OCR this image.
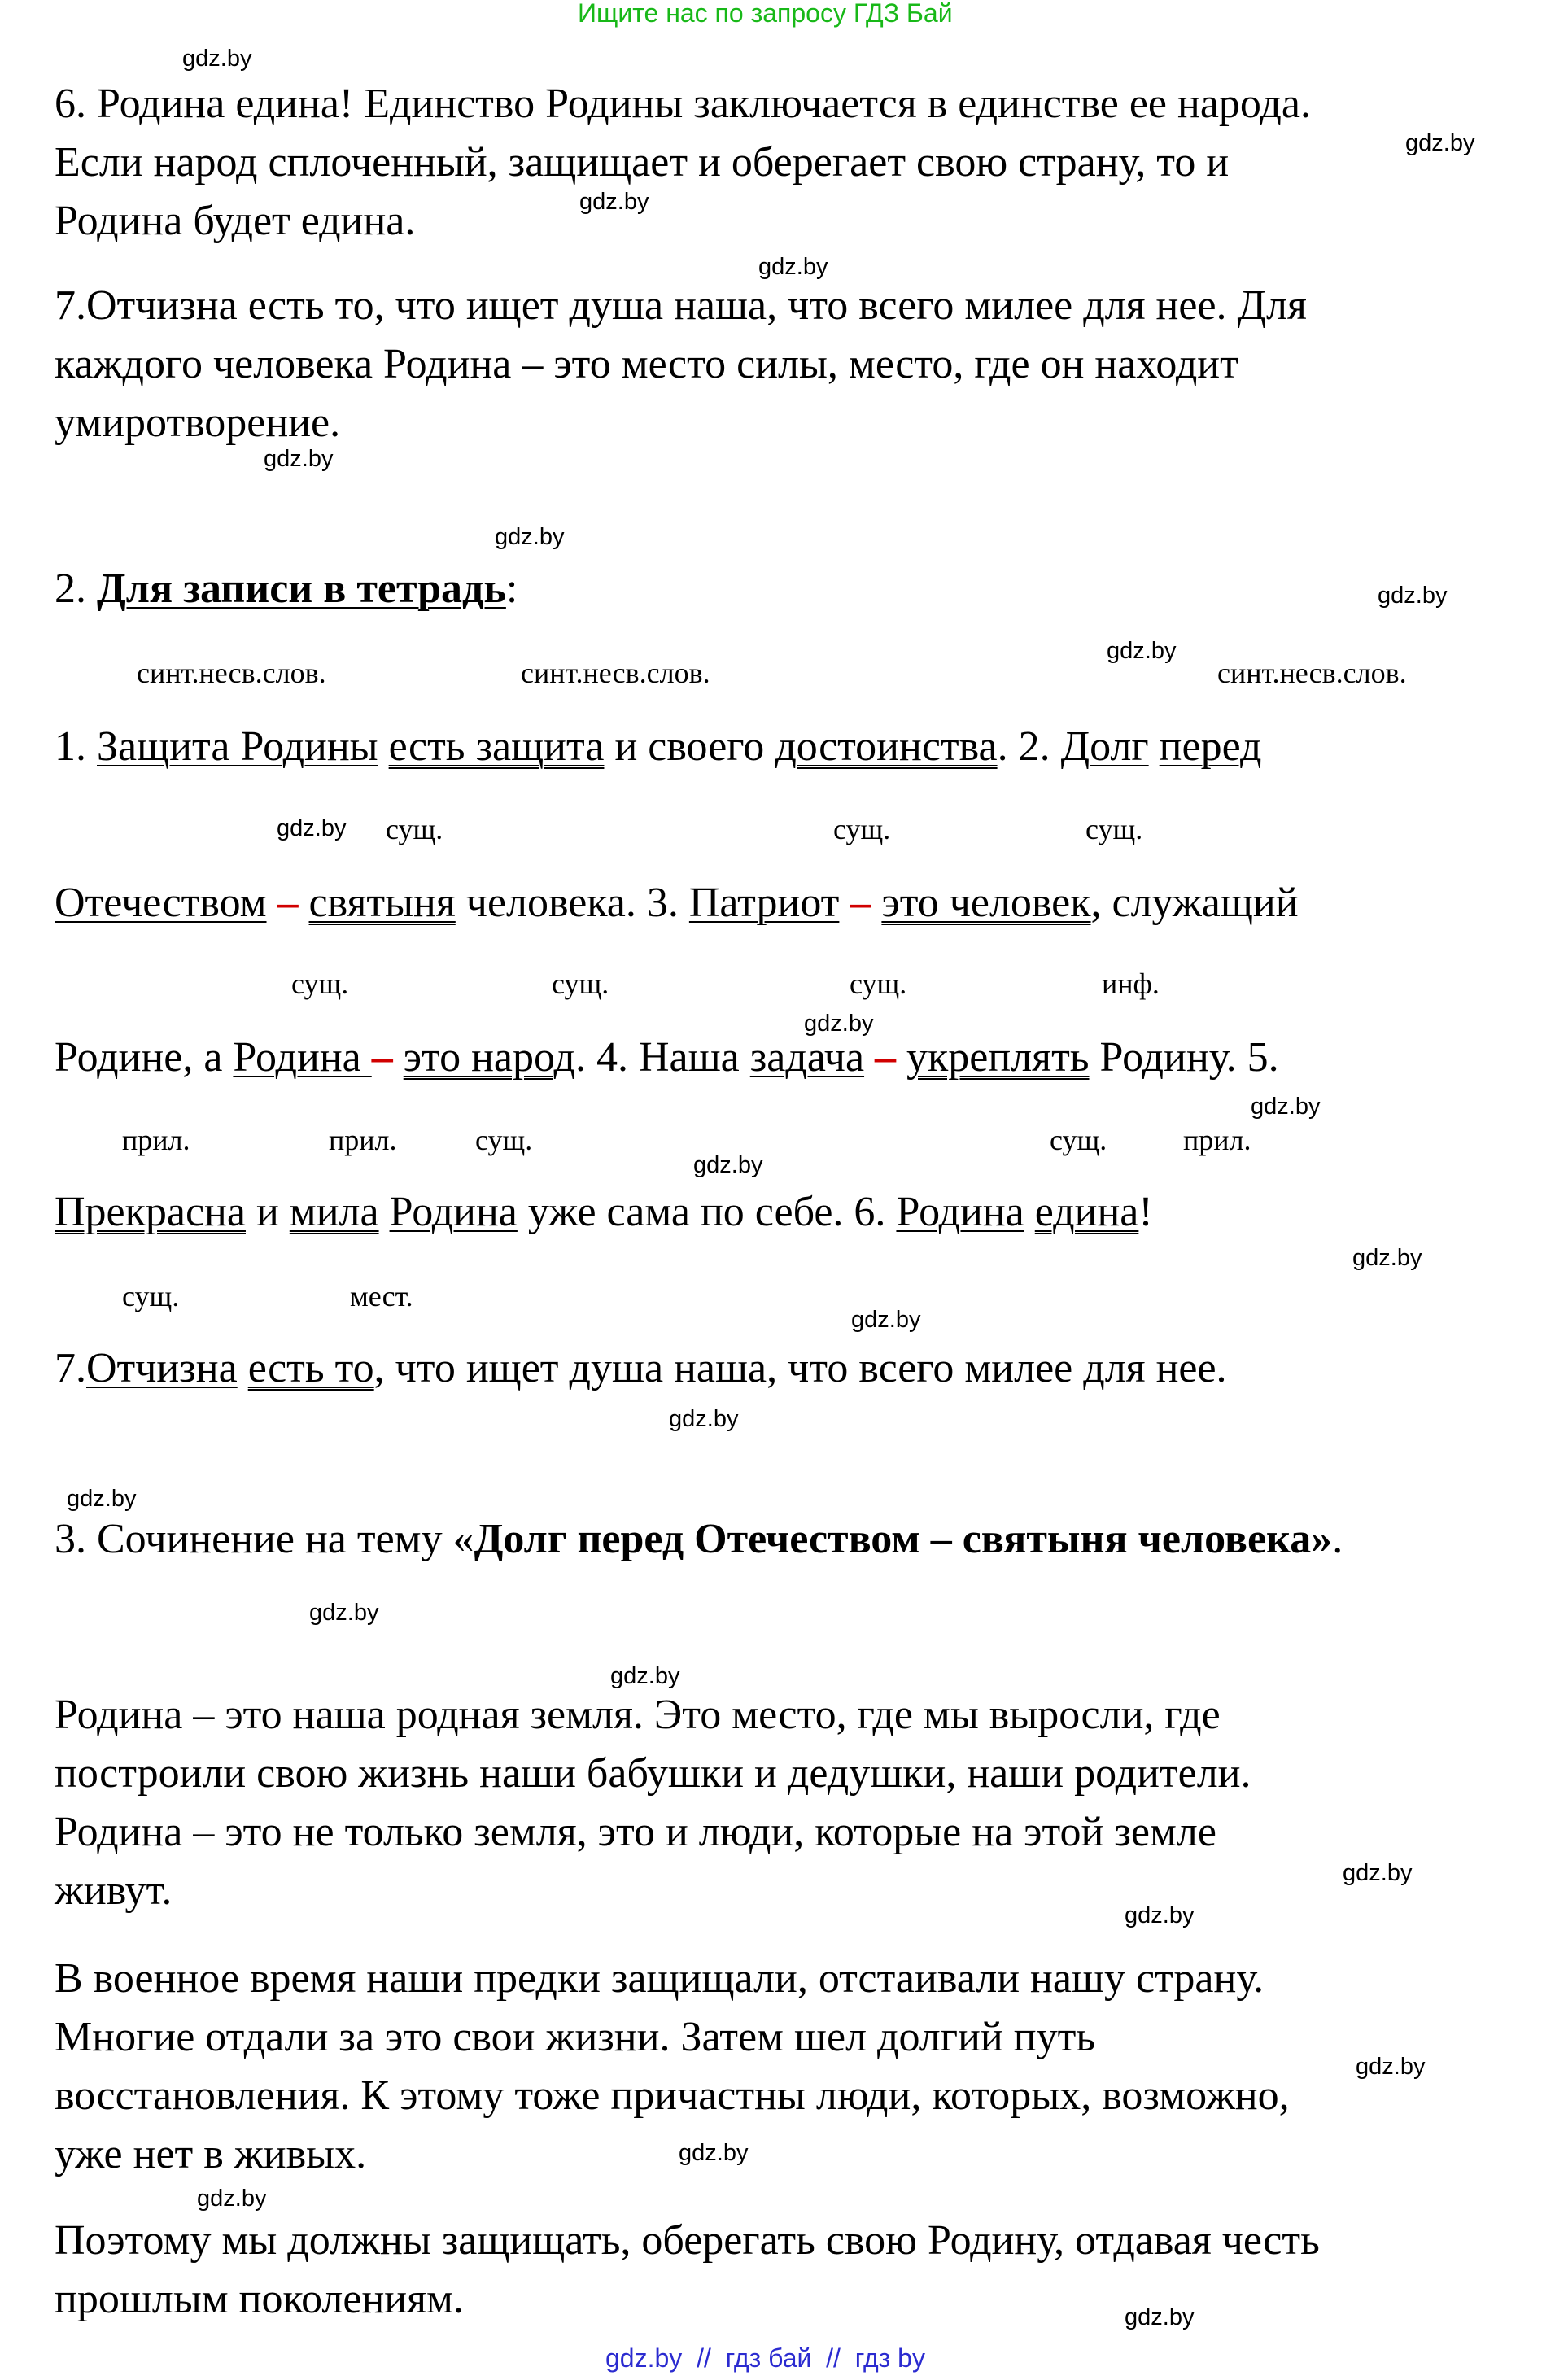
Ищите нас по запросу ГДЗ Бай
gdz.by
gdz.by
gdz.by
gdz.by
gdz.by
gdz.by
gdz.by
gdz.by
gdz.by
gdz.by
gdz.by
gdz.by
gdz.by
gdz.by
gdz.by
gdz.by
gdz.by
gdz.by
gdz.by
gdz.by
gdz.by
gdz.by
gdz.by
gdz.by
6. Родина едина! Единство Родины заключается в единстве ее народа.
Если народ сплоченный, защищает и оберегает свою страну, то и
Родина будет едина.
7.Отчизна есть то, что ищет душа наша, что всего милее для нее. Для
каждого человека Родина – это место силы, место, где он находит
умиротворение.
2. Для записи в тетрадь:
синт.несв.слов.	синт.несв.слов.	синт.несв.слов.
1. Защита Родины есть защита и своего достоинства. 2. Долг перед
сущ.	сущ.	сущ.
Отечеством – святыня человека. 3. Патриот – это человек, служащий
сущ.	сущ.	сущ.	инф.
Родине, а Родина – это народ. 4. Наша задача – укреплять Родину. 5.
прил.	прил.	сущ.	сущ.	прил.
Прекрасна и мила Родина уже сама по себе. 6. Родина едина!
сущ.	мест.
7.Отчизна есть то, что ищет душа наша, что всего милее для нее.
3. Сочинение на тему «Долг перед Отечеством – святыня человека».
Родина – это наша родная земля. Это место, где мы выросли, где
построили свою жизнь наши бабушки и дедушки, наши родители.
Родина – это не только земля, это и люди, которые на этой земле
живут.
В военное время наши предки защищали, отстаивали нашу страну.
Многие отдали за это свои жизни. Затем шел долгий путь
восстановления. К этому тоже причастны люди, которых, возможно,
уже нет в живых.
Поэтому мы должны защищать, оберегать свою Родину, отдавая честь
прошлым поколениям.
gdz.by  //  гдз бай  //  гдз by
